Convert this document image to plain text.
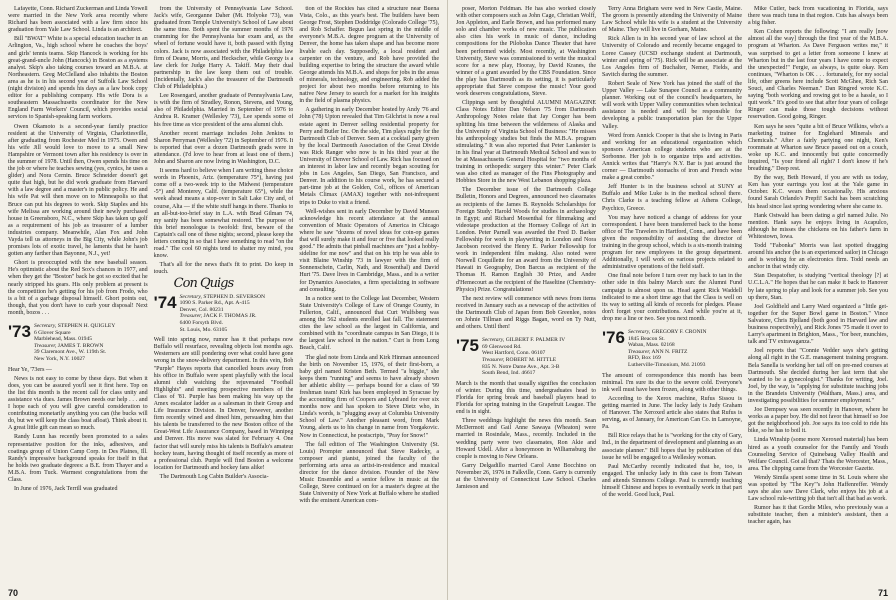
Lafayette, Conn. Richard Zuckerman and Linda Yowell were married in the New York area recently where Richard has been associated with a law firm since his graduation from Yale Law School. Linda is an architect.

Bill "BWAT" White is a special education teacher in an Arlington, Va., high school where he coaches the boys' and girls' tennis teams. Skip Hancock is working for his great-grand-uncle John (Hancock) in Boston as a systems analyst. Skip's also taking courses toward an M.B.A. at Northeastern. Greg McClelland also inhabits the Boston area as he is in his second year of Suffolk Law School (night division) and spends his days as a law book copy editor for a publishing company. His wife Dora is a southeastern Massachusetts coordinator for the New England Farm Workers' Council, which provides social services to Spanish-speaking farm workers.

Owen Okamoto is a second-year family practice resident at the University of Virginia, Charlottesville, after graduating from Rochester Med in 1975. Owen and his wife Jill would love to move to a small New Hampshire or Vermont town after his residency is over in the summer of 1978. Until then, Owen spends his time on the job or where he teaches sewing (yes, cynics, he uses a glider) and Nora Cernin. Bruce Schneider doesn't get quite that high, but he did work graduate from Harvard with a law degree and a master's in public policy. He and his wife Pat will then move on to Minneapolis so that Bruce can put his degrees to work. Skip Staples and his wife Melissa are working around their newly purchased house in Greensboro, N.C., where Skip has taken up golf as a requirement of his job as treasurer of a lumber industries company. Meanwhile, Alan Fox and John Vayda tell us attorneys in the Big City, while John's job promises lots of exotic travel, he laments that he hasn't gotten any farther than Bayonne, N.J., yet!

Ghort is preoccupied with the new baseball season. He's optimistic about the Red Sox's chances in 1977, and when they get the "Boston" back he got so excited that he nearly stripped his gears. His only problem at present is the competition he's getting for his job from Frodo, who is a bit of a garbage disposal himself. Ghort points out, though, that you don't have to curb your disposal! Next month, bozos . . .

'73 Secretary, STEPHEN H. QUIGLEY
6 Glover Square
Marblehead, Mass. 01945
Treasurer, JAMES T. BROWN
39 Claremont Ave., W. 119th St.
New York, N.Y. 10027

Hear Ye, '73ers —

News is not easy to come by these days. But when it does, you can be assured you'll see it first here. Top on the list this month is the recent call for class unity and assistance via dues. James Brown needs our help . . . and I hope each of you will give careful consideration to contributing monetarily anything you can (the bucks will do, but we will keep the class boat afloat). Think about it. A great little gift can mean so much.

Randy Lunn has recently been promoted to a sales representative position for the inks, adhesives, and coatings group of Union Camp Corp. in Des Plaines, Ill. Randy's impressive background speaks for itself in that he holds two graduate degrees: a B.E. from Thayer and a M.B.A. from Tuck. Warmest congratulations from the Class.

In June of 1976, Jack Terrill was graduated

from the University of Pennsylvania Law School. Jack's wife, Georganne Daher (Mt. Holyoke '73), was graduated from Temple University's School of Law about the same time. Both spent the summer months of 1976 cramming for the Pennsylvania bar exam and, as the wheel of fortune would have it, both passed with flying colors. Jack is now associated with the Philadelphia law firm of Deane, Morris, and Heckscher, while Georgy is a law clerk for Judge Harry A. Takiff. May their dual partnership in the law keep them out of trouble. (Incidentally, Jack's also the treasurer of the Dartmouth Club of Philadelphia.)

Lee Rosengard, another graduate of Pennsylvania Law, is with the firm of Stradley, Ronon, Stevens, and Young, also of Philadelphia. Married in September of 1976 to Andrea R. Kramer (Wellesley '73), Lee spends some of his free time as vice president of the area alumni club.

Another recent marriage includes John Jenkins to Sharon Perryman (Wellesley '72) in September of 1976. It is reported that over a dozen Dartmouth grads were in attendance. (I'd love to hear from at least one of them.) John and Sharon are now living in Washington, D.C.

It seems hard to believe when I am writing these choice words in Phoenix, Ariz. (temperature 75°), having just come off a two-week trip to the Midwest (temperature -5°) and Monterey, Calif. (temperature 65°), while the week ahead means a stop-over in Salt Lake City and, of course, Alta — if the white stuff hangs in there. Thanks to an all-but-too-brief stay in L.A. with Brad Gilman '74, my sanity has been somewhat restored. The purpose of this brief monologue is twofold: first, beware of the Captain's call one of these nights; second, please keep the letters coming in so that I have something to read "on the road." The cool 60 nights tend to shatter my mind, you know.

That's all for the news that's fit to print. Do keep in touch.

Con Quigs
'74 Secretary, STEPHEN D. SEVERSON
1090 S. Parker Rd., Apt. A-415
Denver, Col. 80231
Treasurer, JACK F. THOMAS JR.
6400 Forsyth Blvd.
St. Louis, Mo. 63105

Well into spring now, rumor has it that perhaps now Buffalo will resurface, revealing objects lost months ago. Westerners are still pondering over what could have gone wrong in the snow-delivery department. In this vein, Bob "Purple" Hayes reports that cancelled hours away from his office in Buffalo were spent playfully with the local alumni club watching the rejuvenated "Football Highlights" and meeting prospective members of the Class of '81. Purple has been making his way up the Amex escalator ladder as a salesman in their Group and Life Insurance Division. In Denver, however, another firm recently wined and dined him, persuading him that his talents be transferred to the new Boston office of the Great-West Life Assurance Company, based in Winnipeg and Denver. His move was slated for February 4. One factor that will surely miss his talents is Buffalo's amateur hockey team, having thought of itself recently as more of a professional club. Purple will find Boston a welcome location for Dartmouth and hockey fans alike!

The Dartmouth Log Cabin Builder's Associa-

tion of the Rockies has cited a structure near Buena Vista, Colo., as this year's best. The builders have been George Frost, Stephen Doddridge (Colorado College '75), and Rob Schaffer. Begun last spring in the middle of everyone's M.B.A. degree program at the University of Denver, the home has taken shape and has become more livable each day. Supposedly, a local resident and carpenter on the venture, and Rob have provided the building expertise to bring the structure the award while George attends his M.B.A. and shops for jobs in the areas of minerals, technology, and engineering. Rob added the project for about two months before returning to his native New Jersey to search for a market for his insights in the field of plasma physics.

A gathering in early December hosted by Andy '76 and John ('78) Upton revealed that Tim Gilchrist is now a real estate agent in Denver selling residential property for Perry and Butler Inc. On the side, Tim plays rugby for the Dartmouth Club of Denver. Seen at a cocktail party given by the local Dartmouth Association of the Great Divide was Rick Ranger who now is in his third year at the University of Denver School of Law. Rick has focused on an interest in labor law and recently began scouting for jobs in Los Angeles, San Diego, San Francisco, and Denver. In addition to his course work, he has secured a part-time job at the Golden, Col., offices of American Metals Climax (AMAX) together with not-infrequent trips to Duke to visit a friend.

Well-wishes sent in early December by David Munson acknowledge his recent attendance at the annual convention of Music Operators of America in Chicago where he saw "dozens of novel ideas for coin-op games that will surely make it and four or five that looked really good." He admits that pinball machines are "just a hobby-sideline for me now" and that on his trip he was able to visit Blaine Winship '73 in lawyer with the firm of Sonnenschein, Carlin, Nath, and Rosenthal) and David Hurt '75. Dave lives in Cambridge, Mass., and is a writer for Dynamics Associates, a firm specializing in software and consulting.

In a notice sent to the College last December, Western State University's College of Law of Orange County, in Fullerton, Calif., announced that Curt Wulfsberg was among the 562 students enrolled last fall. The statement cites the law school as the largest in California, and combined with its "coordinate campus in San Diego, it is the largest law school in the nation." Curt is from Long Beach, Calif.

The glad note from Linda and Kirk Hinman announced the birth on November 15, 1976, of their first-born, a baby girl named Kristen Beth. Termed "a biggie," she keeps them "running" and seems to have already shown her athletic ability — perhaps bound for a class of '99 freshman team! Kirk has been employed in Syracuse by the accounting firm of Coopers and Lybrand for over six months now and has spoken to Steve Dietz who, in Linda's words, is "plugging away at Columbia University School of Law." Another pleasant word, from Mark Young, alerts us to his change in name from Yorgakovic. Now in Connecticut, he postscripts, "Pray for Snow!"

The fall edition of The Washington University (St. Louis) Prompter announced that Steve Radecky, a composer and pianist, joined the faculty of the performing arts area as artist-in-residence and musical director for the dance division. Founder of the New Music Ensemble and a senior fellow in music at the College, Steve continued on for a master's degree at the State University of New York at Buffalo where he studied with the eminent American com-

70

poser, Morton Feldman. He has also worked closely with other composers such as John Cage, Christian Wolff, Jon Appleton, and Earle Brown, and has performed many solo and chamber works of new music. The publication also cites his work in music of dance, including compositions for the Pilobolus Dance Theater that have been performed widely. Most recently, at Washington University, Steve was commissioned to write the musical score for a new play, Hooray, by David Kranes, the winner of a grant awarded by the CBS Foundation. Since the play has Dartmouth as its setting, it is particularly appropriate that Steve compose the music! Your good work deserves congratulations, Steve.

Clippings sent by thoughtful ALUMNI MAGAZINE Class Notes Editor Dan Nelson '75 from Dartmouth Anthropology Notes relate that Jay Conger has been splitting his time between the wilderness of Alaska and the University of Virginia School of Business: "He misses his anthropology studies but finds the M.B.A. program stimulating." It was also reported that Peter Lankester is in his final year at Dartmouth Medical School and was to be at Massachusetts General Hospital for "two months of training in orthopedic surgery this winter." Peter Clark was also cited as manager of the Fins Photography and Hobbies Store in the new West Lebanon shopping plaza.

The December issue of the Dartmouth College Bulletin, Honors and Degrees, announced two classmates as recipients of the James B. Reynolds Scholarships for Foreign Study: Harold Woods for studies in archaeology in Egypt; and Richard Mosenthal for filmmaking and videotape production at the Hornsey College of Art in London. Peter Parnell was awarded the Fred D. Barker Fellowship for work in playwriting in London and Nora Jacobson received the Henry E. Parker Fellowship for work in independent film making. Also noted were Norwell Coquillette for an award from the University of Hawaii in Geography, Don Barcus as recipient of the Thomas H. Ramon English 30 Prize, and Andre d'Hemecourt as the recipient of the Haseltine (Chemistry-Physics) Prize. Congratulations!

The next review will commence with news from items received in January such as a newscap of the activities of the Dartmouth Club of Japan from Bob Greenlee, notes on Johnie Tillman and Riggs Bagan, word on Ty Nutt, and others. Until then!

'75 Secretary, GILBERT F. PALMER IV
69 Glenwood Rd.
West Hartford, Conn. 06107
Treasurer, ROBERT M. HITTLE
835 N. Notre Dame Ave., Apt. 3-B
South Bend, Ind. 46617

March is the month that usually signifies the conclusion of winter. During this time, undergraduates head to Florida for spring break and baseball players head to Florida for spring training in the Grapefruit League. The end is in sight.

Three weddings highlight the news this month. Sean McDermott and Gail Anne Sawaya (Wheaton) were married in Rosindale, Mass., recently. Included in the wedding party were two classmates, Ron Akie and Howard Udell. After a honeymoon in Williamsburg the couple is moving to New Orleans.

Garry Delgadillo married Carol Anne Bocchino on November 26, 1976 in Falkville, Conn. Garry is currently at the University of Connecticut Law School. Charles Jamieson and

Terry Anna Brigham were wed in New Castle, Maine. The groom is presently attending the University of Maine Law School while his wife is a student at the University of Maine. They will live in Gorham, Maine.

Rick Allen is in his second year of law school at the University of Colorado and recently became engaged to Loree Cassey (UCSD exchange student at Dartmouth, winter and spring of '75). Rick will be an associate at the Los Angeles firm of Buchalter, Nemer, Fields, and Savitch during the summer.

Robert Seale of New York has joined the staff of the Upper Valley — Lake Sunapee Council as a community planner. Working out of the council's headquarters, he will work with Upper Valley communities when technical assistance is needed and will be responsible for developing a public transportation plan for the Upper Valley.

Word from Annick Cooper is that she is living in Paris and working for an educational organization which sponsors American college students who are at the Sorbonne. Her job is to organize trips and activities. Annick writes that "Harry's N.Y. Bar is just around the corner — Dartmouth stomachs of iron and French wine make a great combo."

Jeff Hunter is in the business school at SUNY at Buffalo and Mike Luke is in the medical school there. Chris Clarke is a teaching fellow at Athens College, Psychico, Greece.

You may have noticed a change of address for your correspondent. I have been transferred back to the home office of The Travelers in Hartford, Conn., and have been given the responsibility of assisting the director of training in the group school, which is a six-month training program for new employees in the group department. Additionally, I will work on various projects related to administrative operations of the field staff.

One final note before I turn over my back to tan in the other side in this balmy March sun: the Alumni Fund campaign is almost upon us. Head agent Rick Waddell indicated to me a short time ago that the Class is well on its way to setting all kinds of records for pledges. Please don't forget your contributions. And while you're at it, drop me a line or two. See you next month.

'76 Secretary, GREGORY F. CRONIN
1845 Beacon St.
Waban, Mass. 02168
Treasurer, ANN N. FRITZ
RFD, Box 169
Lutherville-Timonium, Md. 21093

The amount of correspondence this month has been minimal. I'm sure its due to the severe cold. Everyone's ink well must have been frozen, along with other things.

According to the Xerox machine, Rufus Sissou is getting married in June. The lucky lady is Judy Graham of Hanover. The Xeroxed article also states that Rufus is serving, as of January, for American Can Co. in Lamoyne, Pa.

Bill Rice relays that he is "working for the city of Gary, Ind., in the department of development and planning as an associate planner." Bill hopes that by publication of this issue he will be engaged to a Wellesley woman.

Paul McCarthy recently indicated that he, too, is engaged. The unlucky lady in this case is from Taiwan and attends Simmons College. Paul is currently teaching himself Chinese and hopes to eventually work in that part of the world. Good luck, Paul.

Mike Cutler, back from vacationing in Florida, says there was much tuna in that region. Cuts has always been a big fisher.

Ken Cohen reports the following: "I am really [now almost all the way] through the first year of the M.B.A. program at Wharton. As Dave Ferguson writes me," it was surprised to get a letter from someone I knew at Wharton but in the last four years I have come to expect the unexpected!" Fergie, as always, is quite okay. Ken continues, "Wharton is OK . . . fortunately, for my social life, other greens here include Scott McGhee, Rich San Souci, and Charles Neeman." Dan Ringred wrote K.C. saying "both working and rowing got to be a hassle, so I quit work." It's good to see that after four years of college Ringer can make those tough decisions without reservation. Good going, Ringer.

Ken says he sees "quite a bit of Bruce Wilkins, who's a marketing trainee for Englehard Minerals and Chemicals." After a fairly partying one night, Ken's roommate at Wharton saw Bruce passed out on a couch, woke up K.C. and innocently but quite concernedly inquired, "Is your friend all right? I don't know if he's breathing." Deep rest.

By the way, Beth Howard, if you are with us today, Ken has your earrings you lost at the Yale game in October. K.C. wears them occasionally. His anxious found Sarah Orlando's Prepfi! Sachi has been scratching his head since last spring wondering where she came to.

Hank Ostwald has been dating a girl named Julie. No mention. Hank says he enjoys living in Acapulco, although he misses the chickens on his father's farm in Whitestown, Iowa.

Todd "Fabonka" Morris was last spotted dragging around his anchor (he is an experienced sailor) in Chicago and is working for an electronics firm. Todd needs an anchor in that windy city.

Stan Despatofter, is studying "vertical theology [?] at U.C.L.A." He hopes that he can make it back to Hanover by late spring to play and look for a summer job. See you up there, Stan.

Joel Goldfield and Larry Ward organized a "little get-together for the Super Bowl game in Boston." Vince Salvatore, Chris Bjelland (both good in Harvard law and business respectively), and Rick Jones '75 made it over to Larry's apartment in Brighton, Mass., "for beer, munchies, talk and TV extravaganza."

Joel reports that "Connie Vedder says she's getting along all right in the G.E. management training program. Bela Sanella is working her tail off on pre-med courses at Dartmouth. She decided during her last term that she wanted to be a gynecologist." Thanks for writing, Joel. Joel, by the way, is "applying for substitute teaching jobs in the Brandeis University (Waltham, Mass.) area, and investigating possibilities for summer employment."

Joe Dempsey was seen recently in Hanover, where he works as a paper boy. He did not favor that himself so Joe got the neighborhood job. Joe says its too cold to ride his bike, so he has to boil it.

Linda Winship (some more Xeroxed material) has been hired as a youth counselor for the Family and Youth Counseling Service of Quinebaug Valley Health and Welfare Council. Got all that? Thats the Worcester, Mass., area. The clipping came from the Worcester Gazette.

Wendy Simila spent some time in St. Louis where she was spotted by "The Key"'s John Haffenreffer. Wendy says she also saw Dave Clark, who enjoys his job at a Law school rule-writing job that isn't all that bad as work.

Rumor has it that Gordie Miles, who previously was a substitute teacher, then a minister's assistant, then a teacher again, has

71
